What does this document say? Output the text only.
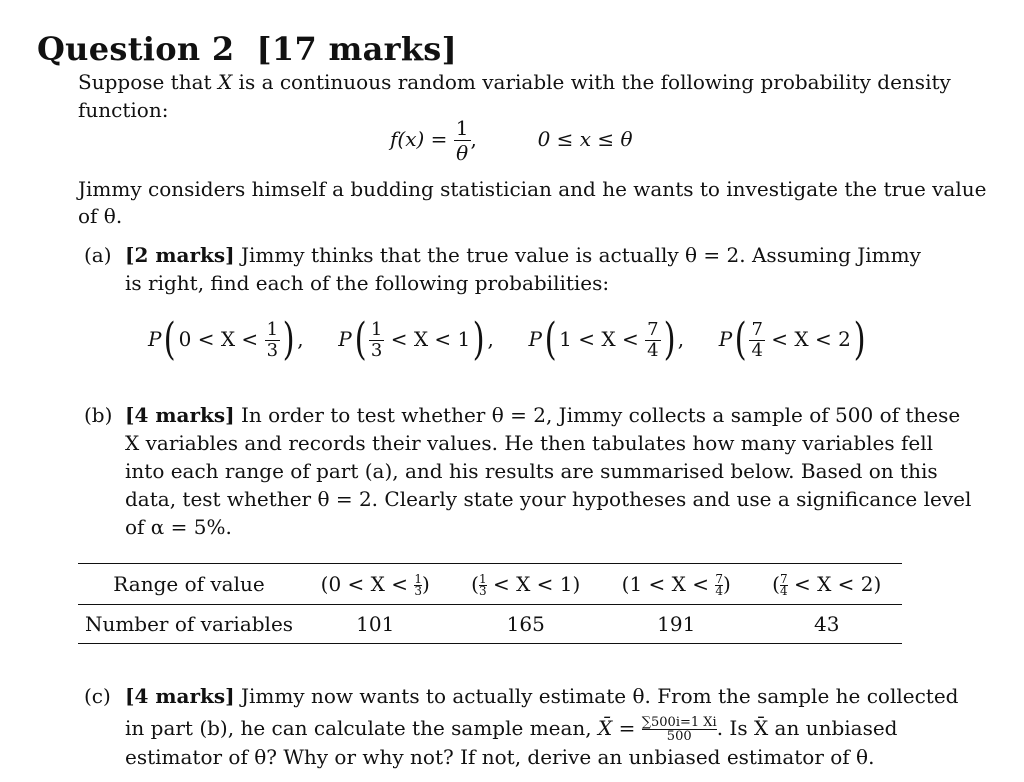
Question 2 [17 marks]
Suppose that X is a continuous random variable with the following probability density
function:
$f(x) = \frac{1}{\theta}$ ,	0 ≤ x ≤ θ
Jimmy considers himself a budding statistician and he wants to investigate the true value
of θ.
(a) [2 marks] Jimmy thinks that the true value is actually θ = 2. Assuming Jimmy
is right, find each of the following probabilities:
P( $0 < X < \frac{1}{3}$ ) ,  $P( \frac{1}{3} < X < 1)$ ,  P( $1 < X < \frac{7}{4}$ ) ,  $P( \frac{7}{4} < X < 2)$
(b) [4 marks] In order to test whether θ = 2, Jimmy collects a sample of 500 of these
X variables and records their values. He then tabulates how many variables fell
into each range of part (a), and his results are summarised below. Based on this
data, test whether θ = 2. Clearly state your hypotheses and use a significance level
of α = 5%.
Range of value	($0 < X < \frac{1}{3}$ )	( $\frac{1}{3} < X < 1$)	($1 < X < \frac{7}{4}$ )	( $\frac{7}{4} < X < 2$)
Number of variables	101	165	191	43
(c) [4 marks] Jimmy now wants to actually estimate θ. From the sample he collected
in part (b), he can calculate the sample mean, X̄ = $\frac{\sum 500i=1 Xi}{500}$ . Is X̄ an unbiased
estimator of θ? Why or why not? If not, derive an unbiased estimator of θ.
